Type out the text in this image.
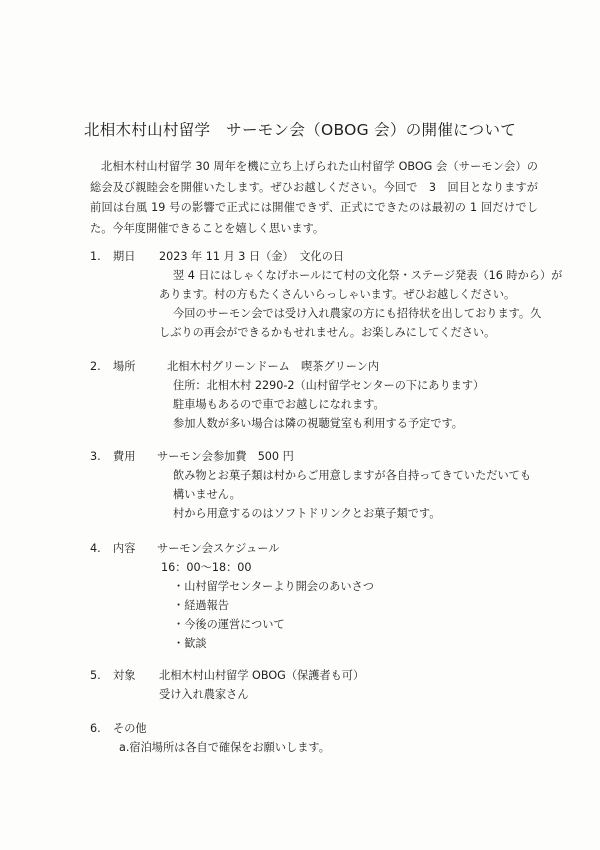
北相木村山村留学　サーモン会（OBOG 会）の開催について

北相木村山村留学 30 周年を機に立ち上げられた山村留学 OBOG 会（サーモン会）の総会及び親睦会を開催いたします。ぜひお越しください。今回で　3　回目となりますが前回は台風 19 号の影響で正式には開催できず、正式にできたのは最初の 1 回だけでした。今年度開催できることを嬉しく思います。

1. 期日 2023 年 11 月 3 日（金）　文化の日
翌 4 日にはしゃくなげホールにて村の文化祭・ステージ発表（16 時から）が
あります。村の方もたくさんいらっしゃいます。ぜひお越しください。
今回のサーモン会では受け入れ農家の方にも招待状を出しております。久
しぶりの再会ができるかもせれません。お楽しみにしてください。
2. 場所	北相木村グリーンドーム　喫茶グリーン内
住所：北相木村 2290-2（山村留学センターの下にあります）
駐車場もあるので車でお越しになれます。
参加人数が多い場合は隣の視聴覚室も利用する予定です。
3. 費用 サーモン会参加費　500 円
飲み物とお菓子類は村からご用意しますが各自持ってきていただいても
構いません。
村から用意するのはソフトドリンクとお菓子類です。
4. 内容 サーモン会スケジュール
16：00～18：00
・山村留学センターより開会のあいさつ
・経過報告
・今後の運営について
・歓談
5. 対象 北相木村山村留学 OBOG（保護者も可）
受け入れ農家さん
6. その他
a.宿泊場所は各自で確保をお願いします。
